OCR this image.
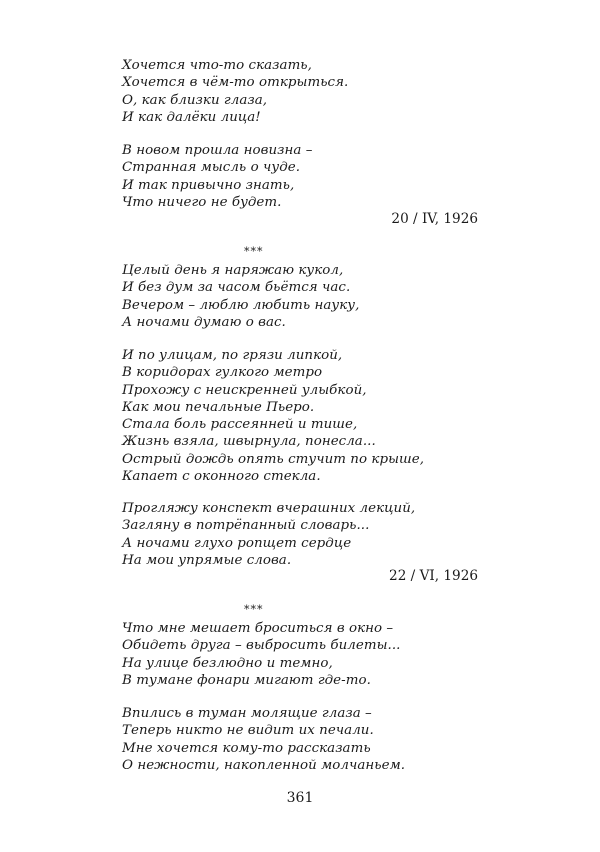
Хочется что-то сказать,
Хочется в чём-то открыться.
О, как близки глаза,
И как далёки лица!
В новом прошла новизна –
Странная мысль о чуде.
И так привычно знать,
Что ничего не будет.
20 / IV, 1926
***
Целый день я наряжаю кукол,
И без дум за часом бьётся час.
Вечером – люблю любить науку,
А ночами думаю о вас.
И по улицам, по грязи липкой,
В коридорах гулкого метро
Прохожу с неискренней улыбкой,
Как мои печальные Пьеро.
Стала боль рассеянней и тише,
Жизнь взяла, швырнула, понесла...
Острый дождь опять стучит по крыше,
Капает с оконного стекла.
Прогляжу конспект вчерашних лекций,
Загляну в потрёпанный словарь...
А ночами глухо ропщет сердце
На мои упрямые слова.
22 / VI, 1926
***
Что мне мешает броситься в окно –
Обидеть друга – выбросить билеты...
На улице безлюдно и темно,
В тумане фонари мигают где-то.
Впились в туман молящие глаза –
Теперь никто не видит их печали.
Мне хочется кому-то рассказать
О нежности, накопленной молчаньем.
361
